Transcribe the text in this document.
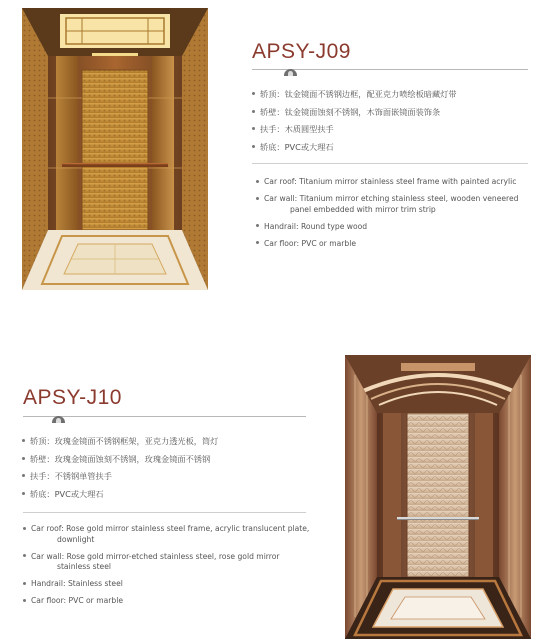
APSY-J09
轿顶：钛金镜面不锈钢边框，配亚克力喷绘板暗藏灯带
轿壁：钛金镜面蚀刻不锈钢，木饰面嵌镜面装饰条
扶手：木质圆型扶手
轿底：PVC或大理石
Car roof: Titanium mirror stainless steel frame with painted acrylic
Car wall: Titanium mirror etching stainless steel, wooden veneered
panel embedded with mirror trim strip
Handrail: Round type wood
Car floor: PVC or marble
APSY-J10
轿顶：玫瑰金镜面不锈钢框架，亚克力透光板，筒灯
轿壁：玫瑰金镜面蚀刻不锈钢，玫瑰金镜面不锈钢
扶手：不锈钢单管扶手
轿底：PVC或大理石
Car roof: Rose gold mirror stainless steel frame, acrylic translucent plate,
downlight
Car wall: Rose gold mirror-etched stainless steel, rose gold mirror
stainless steel
Handrail: Stainless steel
Car floor: PVC or marble
